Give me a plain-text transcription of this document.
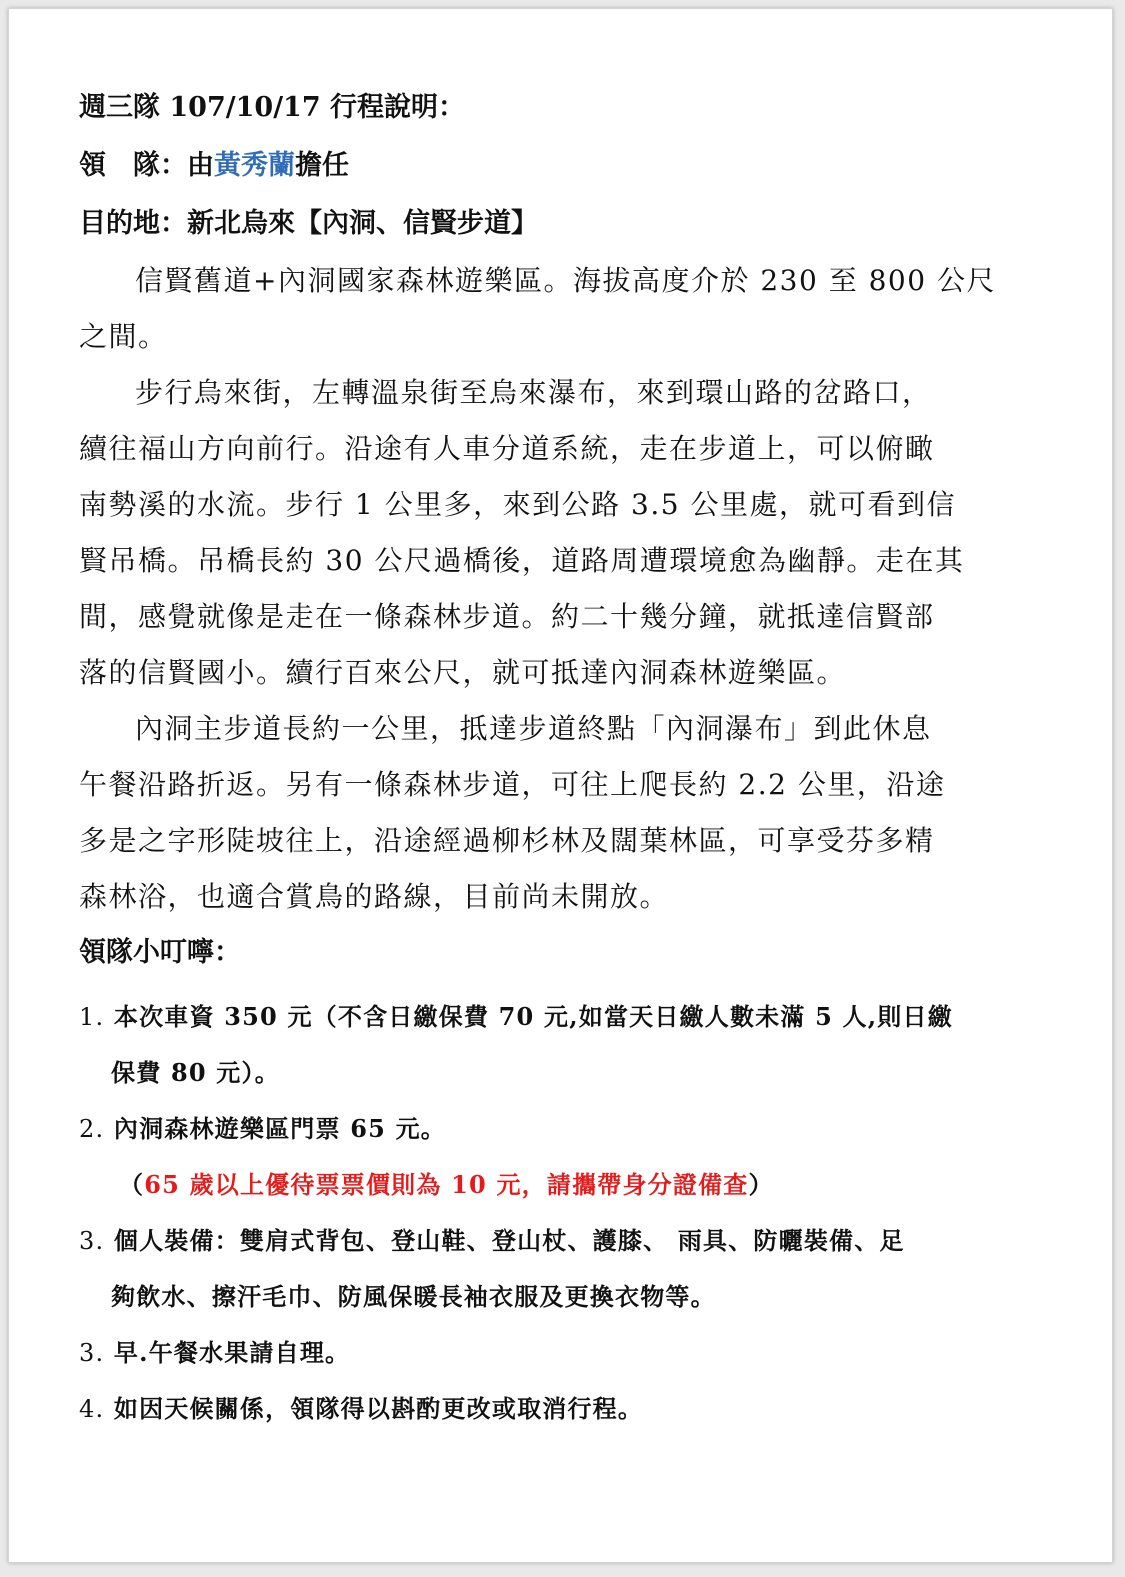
週三隊 107/10/17 行程說明：

領　隊：由黃秀蘭擔任

目的地：新北烏來【內洞、信賢步道】

信賢舊道+內洞國家森林遊樂區。海拔高度介於 230 至 800 公尺
之間。
步行烏來街，左轉溫泉街至烏來瀑布，來到環山路的岔路口，
續往福山方向前行。沿途有人車分道系統，走在步道上，可以俯瞰
南勢溪的水流。步行 1 公里多，來到公路 3.5 公里處，就可看到信
賢吊橋。吊橋長約 30 公尺過橋後，道路周遭環境愈為幽靜。走在其
間，感覺就像是走在一條森林步道。約二十幾分鐘，就抵達信賢部
落的信賢國小。續行百來公尺，就可抵達內洞森林遊樂區。
內洞主步道長約一公里，抵達步道終點「內洞瀑布」到此休息
午餐沿路折返。另有一條森林步道，可往上爬長約 2.2 公里，沿途
多是之字形陡坡往上，沿途經過柳杉林及闊葉林區，可享受芬多精
森林浴，也適合賞鳥的路線，目前尚未開放。

領隊小叮嚀：

1. 本次車資 350 元（不含日繳保費 70 元,如當天日繳人數未滿 5 人,則日繳
保費 80 元）。
2. 內洞森林遊樂區門票 65 元。
（65 歲以上優待票票價則為 10 元，請攜帶身分證備查）
3. 個人裝備：雙肩式背包、登山鞋、登山杖、護膝、 雨具、防曬裝備、足
夠飲水、擦汗毛巾、防風保暖長袖衣服及更換衣物等。
3. 早.午餐水果請自理。
4. 如因天候關係，領隊得以斟酌更改或取消行程。
